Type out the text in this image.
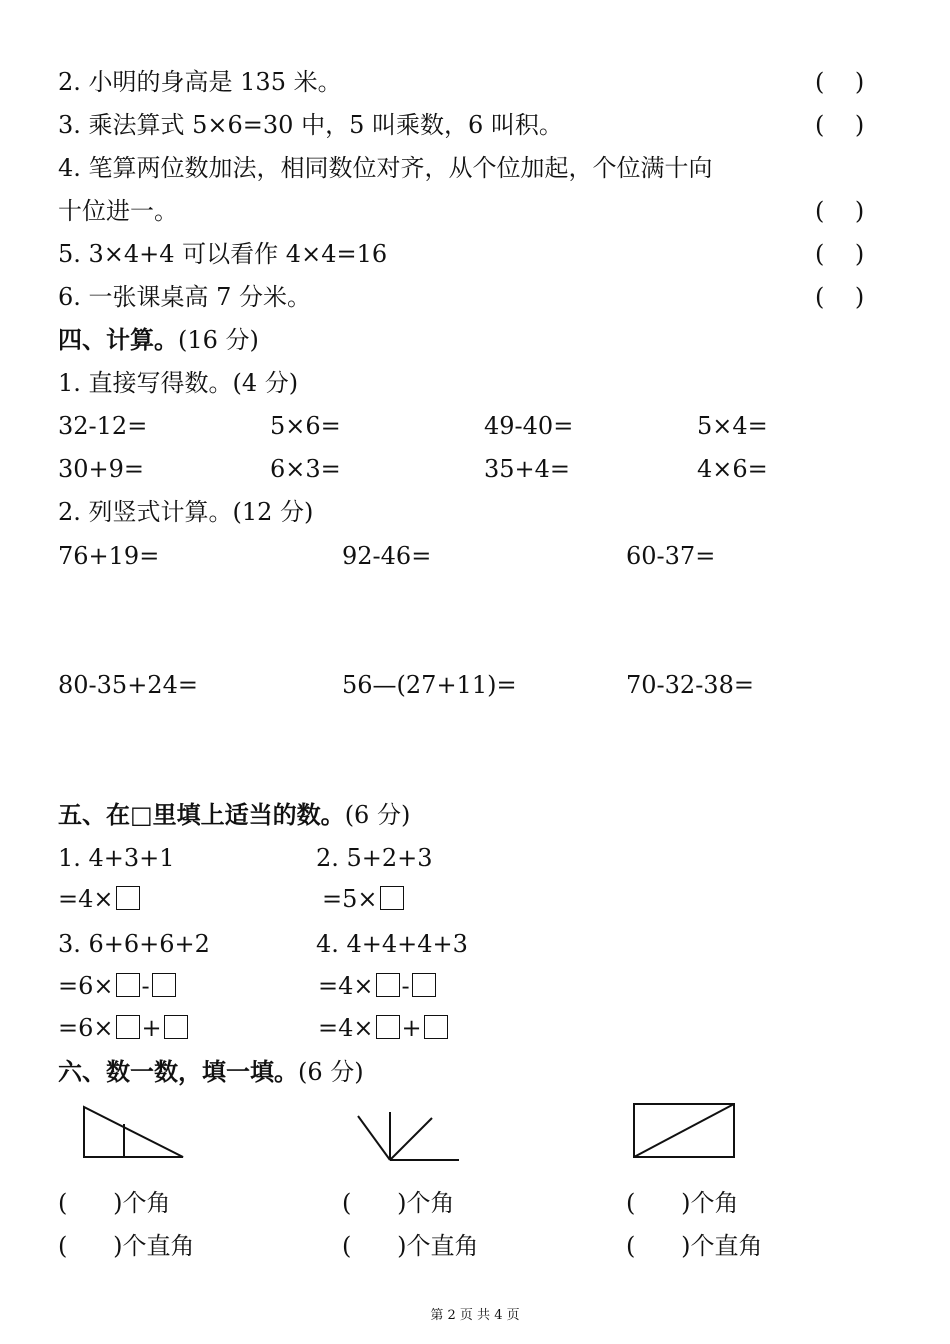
2. 小明的身高是 135 米。	(    )
3. 乘法算式 5×6=30 中，5 叫乘数，6 叫积。	(    )
4. 笔算两位数加法，相同数位对齐，从个位加起，个位满十向
十位进一。	(    )
5. 3×4+4 可以看作 4×4=16	(    )
6. 一张课桌高 7 分米。	(    )
四、计算。(16 分)
1. 直接写得数。(4 分)
32-12=	5×6=	49-40=	5×4=
30+9=	6×3=	35+4=	4×6=
2. 列竖式计算。(12 分)
76+19=	92-46=	60-37=
80-35+24=	56—(27+11)=	70-32-38=
五、在□里填上适当的数。(6 分)
1. 4+3+1	2. 5+2+3
=4×	=5×
3. 6+6+6+2	4. 4+4+4+3
=6× -	=4× -
=6× +	=4× +
六、数一数，填一填。(6 分)
(      )个角	(      )个角	(      )个角
(      )个直角	(      )个直角	(      )个直角
第 2 页 共 4 页
